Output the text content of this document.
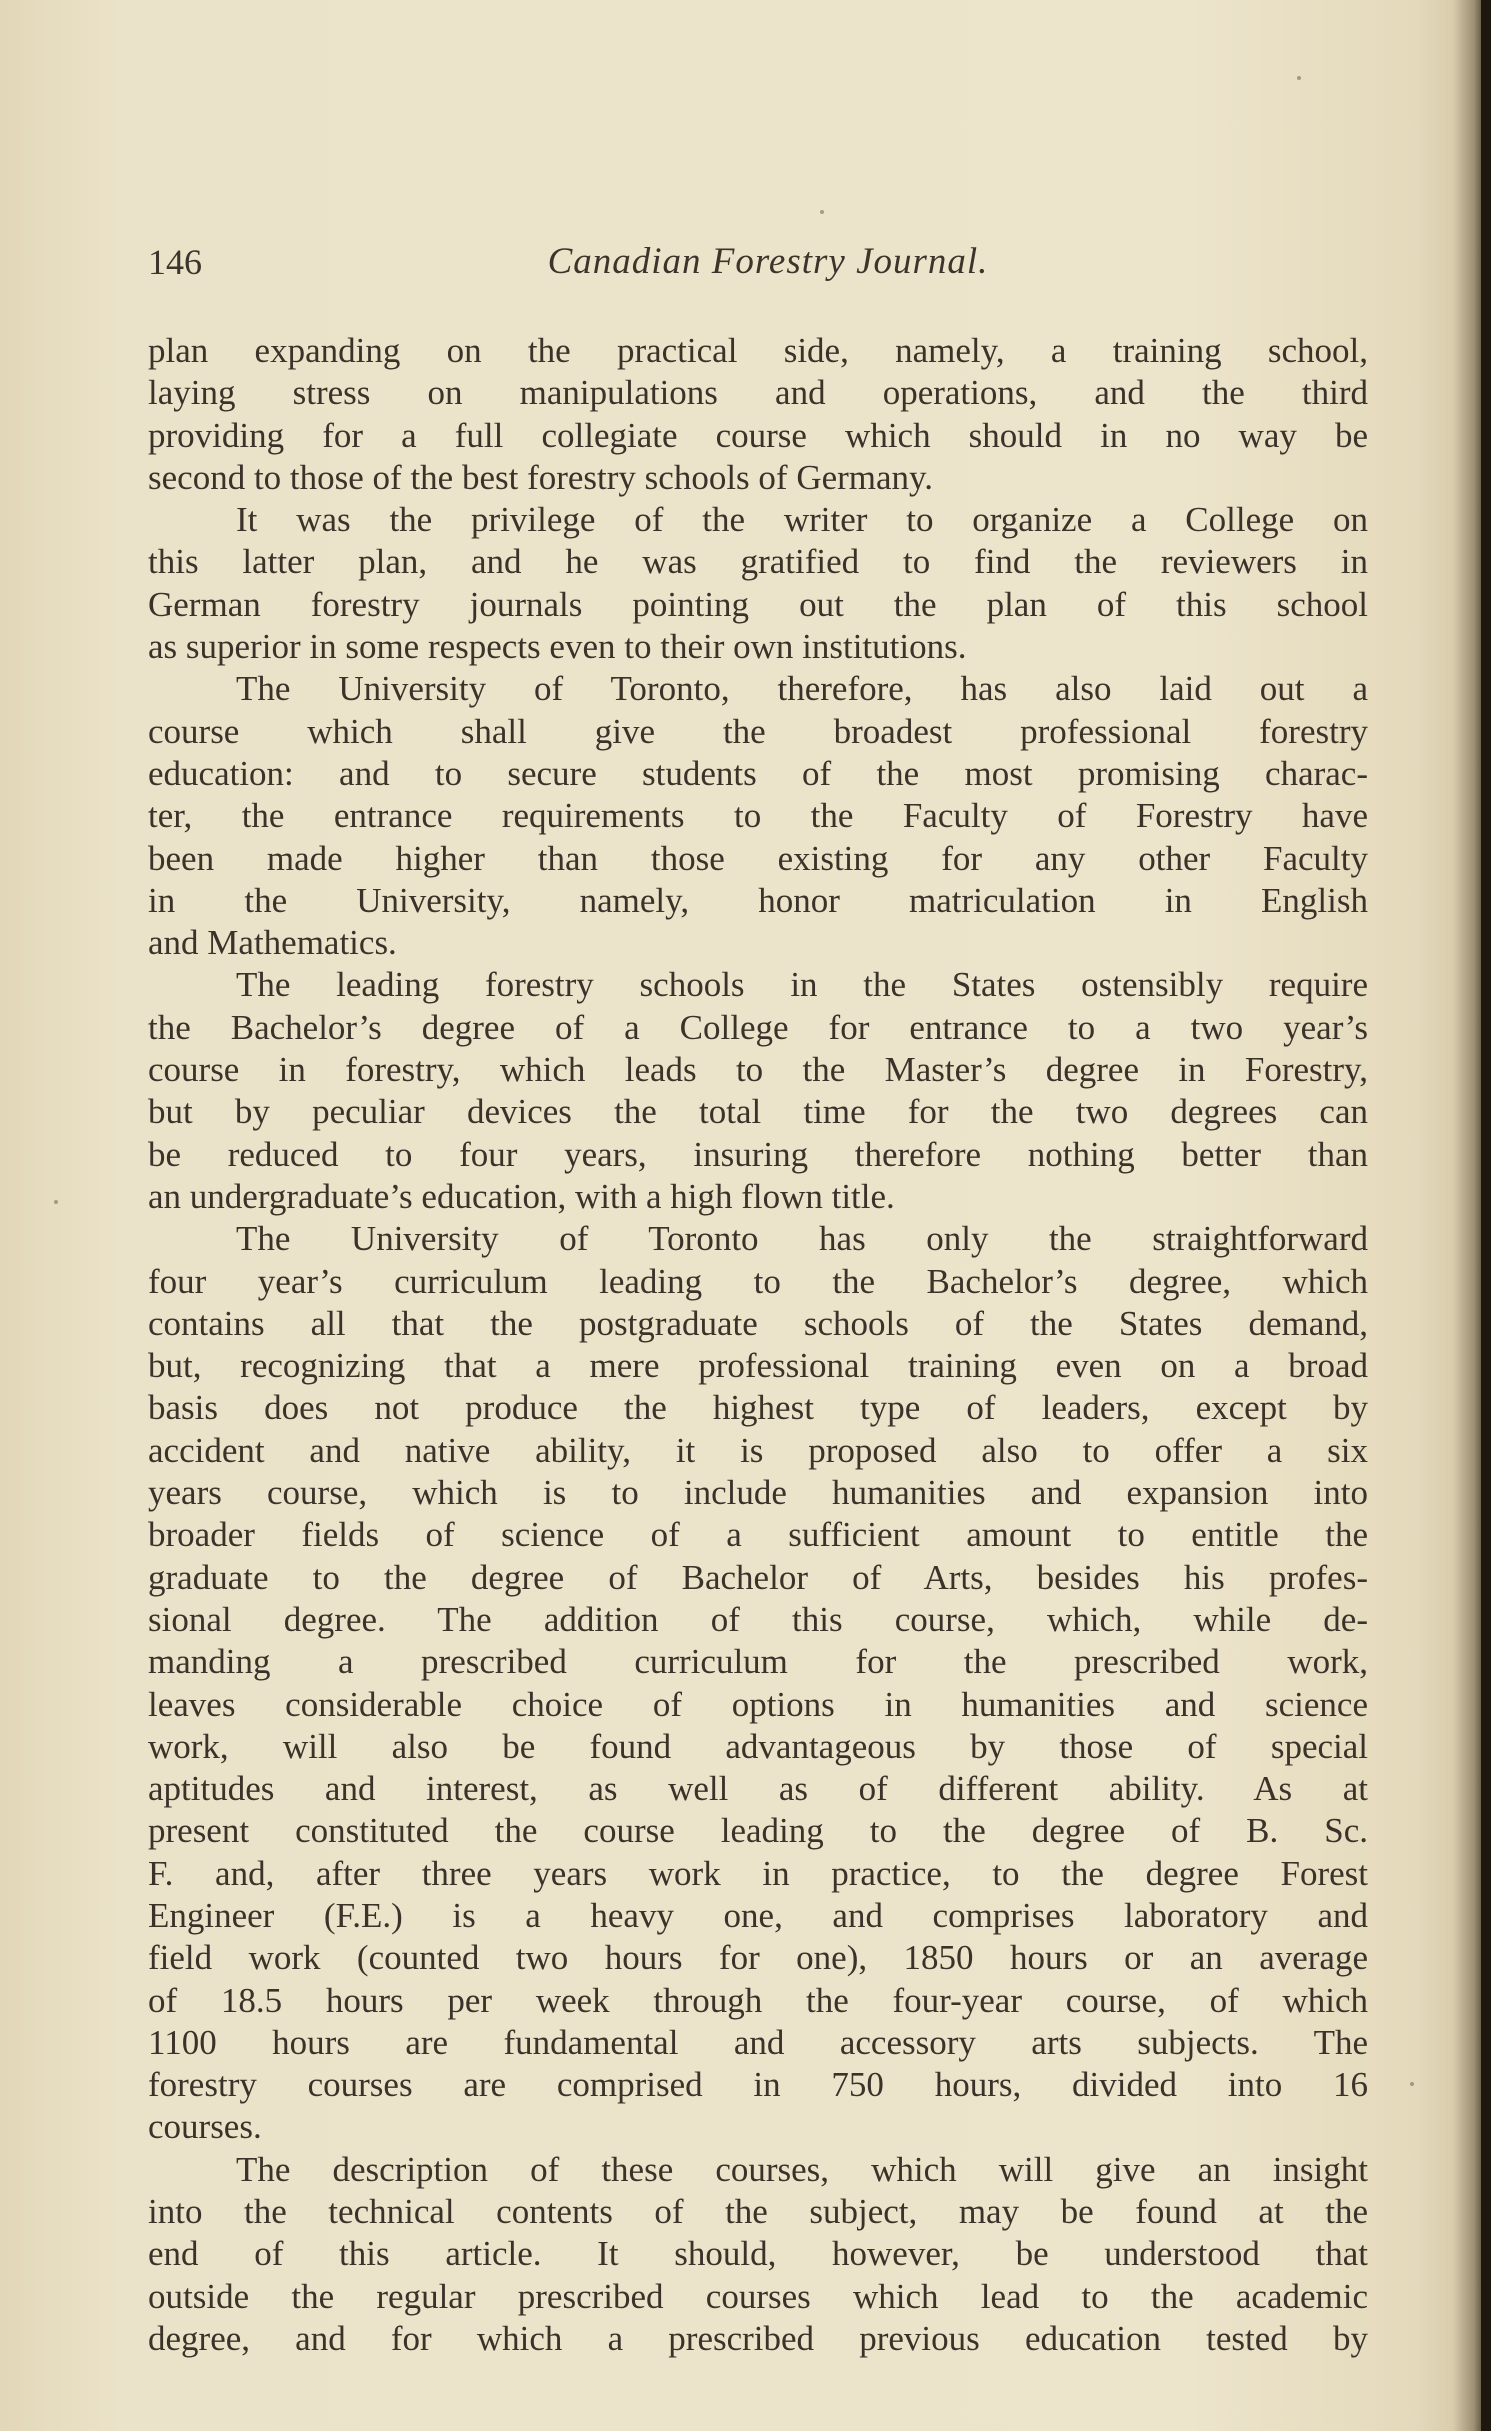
146	Canadian Forestry Journal.
plan expanding on the practical side, namely, a training school,
laying stress on manipulations and operations, and the third
providing for a full collegiate course which should in no way be
second to those of the best forestry schools of Germany.
It was the privilege of the writer to organize a College on
this latter plan, and he was gratified to find the reviewers in
German forestry journals pointing out the plan of this school
as superior in some respects even to their own institutions.
The University of Toronto, therefore, has also laid out a
course which shall give the broadest professional forestry
education: and to secure students of the most promising charac-
ter, the entrance requirements to the Faculty of Forestry have
been made higher than those existing for any other Faculty
in the University, namely, honor matriculation in English
and Mathematics.
The leading forestry schools in the States ostensibly require
the Bachelor’s degree of a College for entrance to a two year’s
course in forestry, which leads to the Master’s degree in Forestry,
but by peculiar devices the total time for the two degrees can
be reduced to four years, insuring therefore nothing better than
an undergraduate’s education, with a high flown title.
The University of Toronto has only the straightforward
four year’s curriculum leading to the Bachelor’s degree, which
contains all that the postgraduate schools of the States demand,
but, recognizing that a mere professional training even on a broad
basis does not produce the highest type of leaders, except by
accident and native ability, it is proposed also to offer a six
years course, which is to include humanities and expansion into
broader fields of science of a sufficient amount to entitle the
graduate to the degree of Bachelor of Arts, besides his profes-
sional degree. The addition of this course, which, while de-
manding a prescribed curriculum for the prescribed work,
leaves considerable choice of options in humanities and science
work, will also be found advantageous by those of special
aptitudes and interest, as well as of different ability. As at
present constituted the course leading to the degree of B. Sc.
F. and, after three years work in practice, to the degree Forest
Engineer (F.E.) is a heavy one, and comprises laboratory and
field work (counted two hours for one), 1850 hours or an average
of 18.5 hours per week through the four-year course, of which
1100 hours are fundamental and accessory arts subjects. The
forestry courses are comprised in 750 hours, divided into 16
courses.
The description of these courses, which will give an insight
into the technical contents of the subject, may be found at the
end of this article. It should, however, be understood that
outside the regular prescribed courses which lead to the academic
degree, and for which a prescribed previous education tested by
